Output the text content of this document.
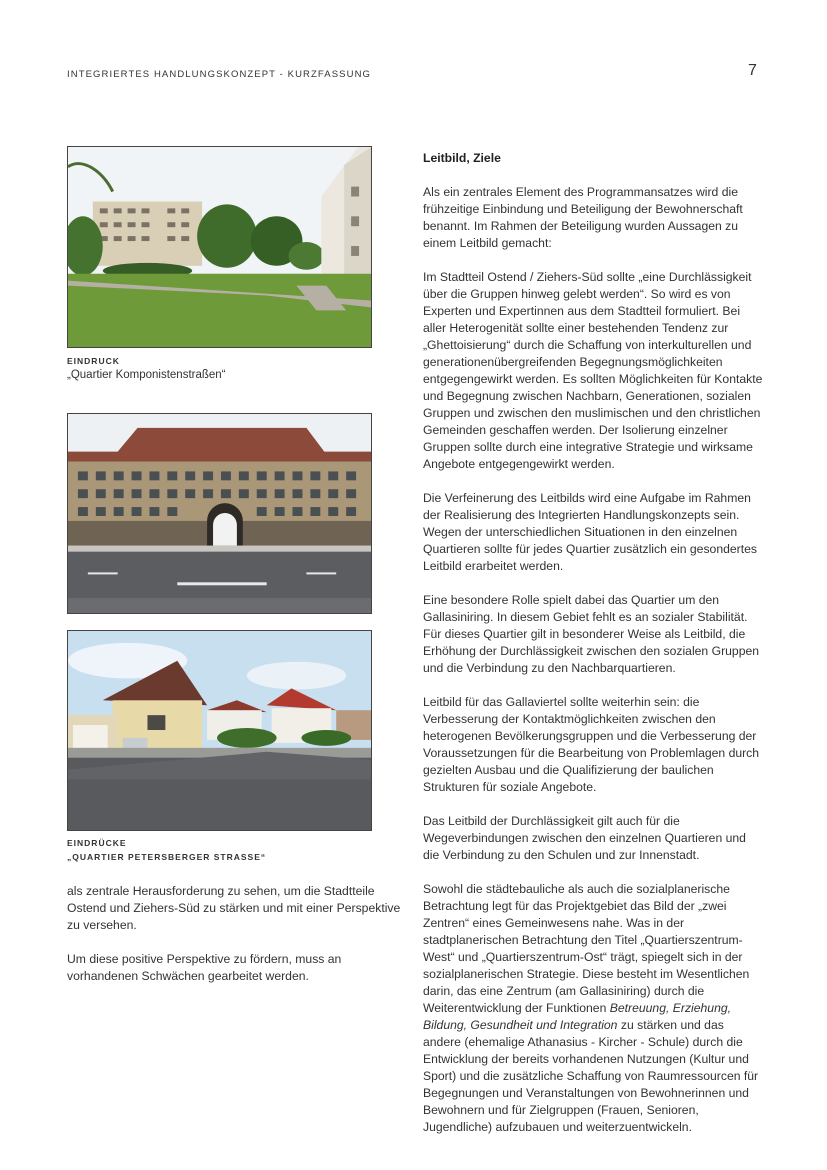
INTEGRIERTES HANDLUNGSKONZEPT - KURZFASSUNG	7
EINDRUCK
„Quartier Komponistenstraßen“
EINDRÜCKE
„QUARTIER PETERSBERGER STRASSE“

als zentrale Herausforderung zu sehen, um die Stadtteile Ostend und Ziehers-Süd zu stärken und mit einer Perspektive zu versehen.

Um diese positive Perspektive zu fördern, muss an vorhandenen Schwächen gearbeitet werden.

Leitbild, Ziele

Als ein zentrales Element des Programmansatzes wird die frühzeitige Einbindung und Beteiligung der Bewohnerschaft benannt. Im Rahmen der Beteiligung wurden Aussagen zu einem Leitbild gemacht:

Im Stadtteil Ostend / Ziehers-Süd sollte „eine Durchlässigkeit über die Gruppen hinweg gelebt werden“. So wird es von Experten und Expertinnen aus dem Stadtteil formuliert. Bei aller Heterogenität sollte einer bestehenden Tendenz zur „Ghettoisierung“ durch die Schaffung von interkulturellen und generationenübergreifenden Begegnungsmöglichkeiten entgegengewirkt werden. Es sollten Möglichkeiten für Kontakte und Begegnung zwischen Nachbarn, Generationen, sozialen Gruppen und zwischen den muslimischen und den christlichen Gemeinden geschaffen werden. Der Isolierung einzelner Gruppen sollte durch eine integrative Strategie und wirksame Angebote entgegengewirkt werden.

Die Verfeinerung des Leitbilds wird eine Aufgabe im Rahmen der Realisierung des Integrierten Handlungskonzepts sein. Wegen der unterschiedlichen Situationen in den einzelnen Quartieren sollte für jedes Quartier zusätzlich ein gesondertes Leitbild erarbeitet werden.

Eine besondere Rolle spielt dabei das Quartier um den Gallasiniring. In diesem Gebiet fehlt es an sozialer Stabilität. Für dieses Quartier gilt in besonderer Weise als Leitbild, die Erhöhung der Durchlässigkeit zwischen den sozialen Gruppen und die Verbindung zu den Nachbarquartieren.

Leitbild für das Gallaviertel sollte weiterhin sein: die Verbesserung der Kontaktmöglichkeiten zwischen den heterogenen Bevölkerungsgruppen und die Verbesserung der Voraussetzungen für die Bearbeitung von Problemlagen durch gezielten Ausbau und die Qualifizierung der baulichen Strukturen für soziale Angebote.

Das Leitbild der Durchlässigkeit gilt auch für die Wegeverbindungen zwischen den einzelnen Quartieren und die Verbindung zu den Schulen und zur Innenstadt.

Sowohl die städtebauliche als auch die sozialplanerische Betrachtung legt für das Projektgebiet das Bild der „zwei Zentren“ eines Gemeinwesens nahe. Was in der stadtplanerischen Betrachtung den Titel „Quartierszentrum-West“ und „Quartierszentrum-Ost“ trägt, spiegelt sich in der sozialplanerischen Strategie. Diese besteht im Wesentlichen darin, das eine Zentrum (am Gallasiniring) durch die Weiterentwicklung der Funktionen Betreuung, Erziehung, Bildung, Gesundheit und Integration zu stärken und das andere (ehemalige Athanasius - Kircher - Schule) durch die Entwicklung der bereits vorhandenen Nutzungen (Kultur und Sport) und die zusätzliche Schaffung von Raumressourcen für Begegnungen und Veranstaltungen von Bewohnerinnen und Bewohnern und für Zielgruppen (Frauen, Senioren, Jugendliche) aufzubauen und weiterzuentwickeln.
